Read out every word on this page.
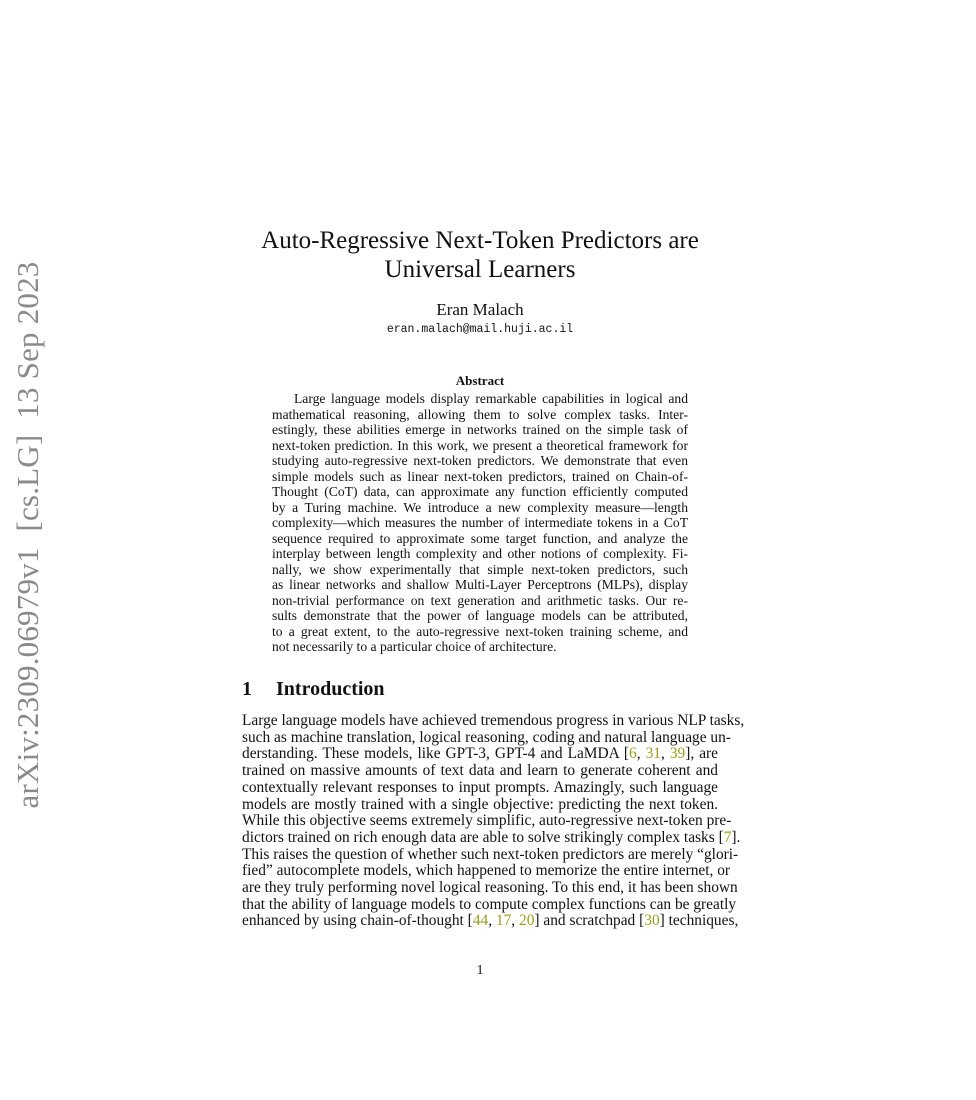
arXiv:2309.06979v1  [cs.LG]  13 Sep 2023
Auto-Regressive Next-Token Predictors are
Universal Learners
Eran Malach
eran.malach@mail.huji.ac.il
Abstract
Large language models display remarkable capabilities in logical and
mathematical reasoning, allowing them to solve complex tasks. Inter-
estingly, these abilities emerge in networks trained on the simple task of
next-token prediction. In this work, we present a theoretical framework for
studying auto-regressive next-token predictors. We demonstrate that even
simple models such as linear next-token predictors, trained on Chain-of-
Thought (CoT) data, can approximate any function efficiently computed
by a Turing machine. We introduce a new complexity measure—length
complexity—which measures the number of intermediate tokens in a CoT
sequence required to approximate some target function, and analyze the
interplay between length complexity and other notions of complexity. Fi-
nally, we show experimentally that simple next-token predictors, such
as linear networks and shallow Multi-Layer Perceptrons (MLPs), display
non-trivial performance on text generation and arithmetic tasks. Our re-
sults demonstrate that the power of language models can be attributed,
to a great extent, to the auto-regressive next-token training scheme, and
not necessarily to a particular choice of architecture.
1 Introduction
Large language models have achieved tremendous progress in various NLP tasks,
such as machine translation, logical reasoning, coding and natural language un-
derstanding. These models, like GPT-3, GPT-4 and LaMDA [6, 31, 39], are
trained on massive amounts of text data and learn to generate coherent and
contextually relevant responses to input prompts. Amazingly, such language
models are mostly trained with a single objective: predicting the next token.
While this objective seems extremely simplific, auto-regressive next-token pre-
dictors trained on rich enough data are able to solve strikingly complex tasks [7].
This raises the question of whether such next-token predictors are merely “glori-
fied” autocomplete models, which happened to memorize the entire internet, or
are they truly performing novel logical reasoning. To this end, it has been shown
that the ability of language models to compute complex functions can be greatly
enhanced by using chain-of-thought [44, 17, 20] and scratchpad [30] techniques,
1
